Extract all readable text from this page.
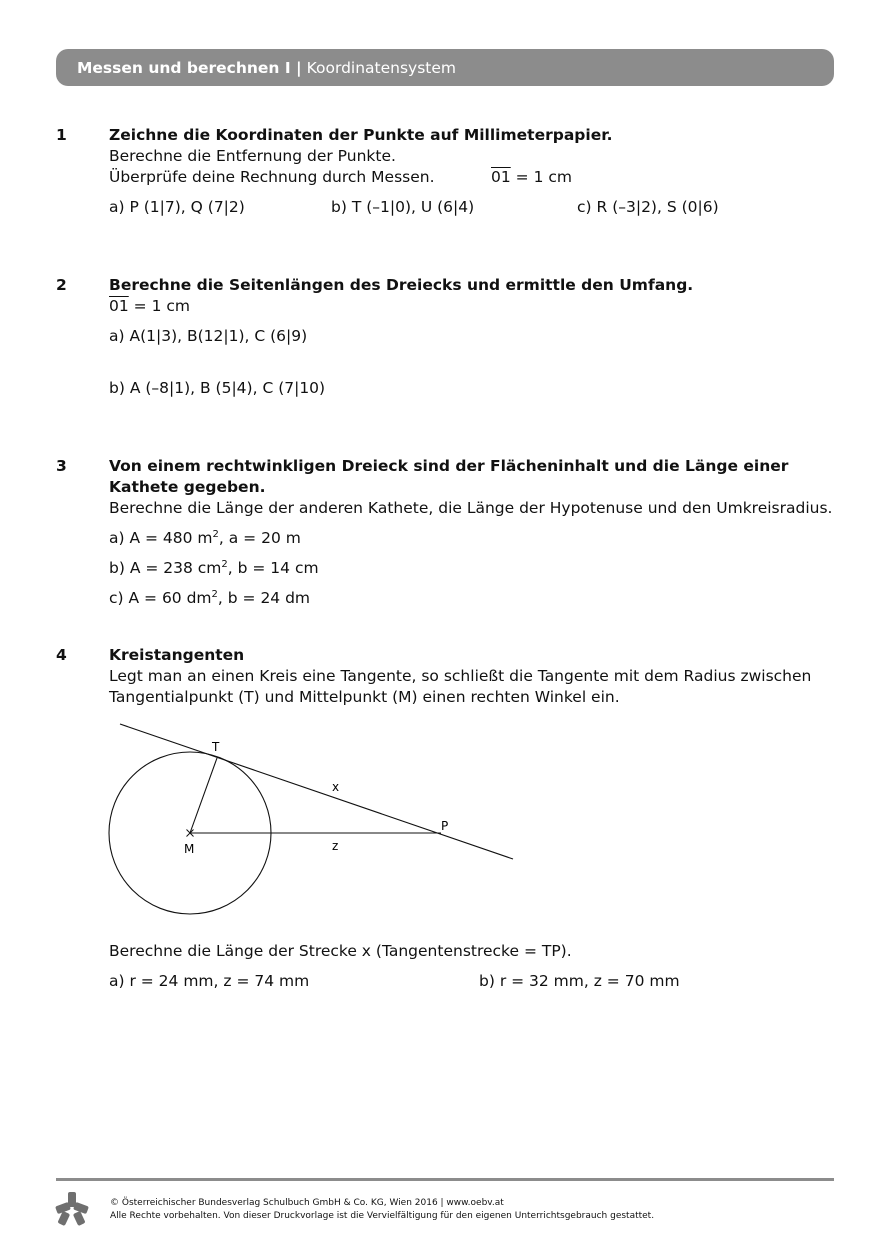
Messen und berechnen I | Koordinatensystem
1	Zeichne die Koordinaten der Punkte auf Millimeterpapier.
Berechne die Entfernung der Punkte.
Überprüfe deine Rechnung durch Messen.	01 = 1 cm
a) P (1|7), Q (7|2)	b) T (–1|0), U (6|4)	c) R (–3|2), S (0|6)
2	Berechne die Seitenlängen des Dreiecks und ermittle den Umfang.
01 = 1 cm
a) A(1|3), B(12|1), C (6|9)
b) A (–8|1), B (5|4), C (7|10)
3	Von einem rechtwinkligen Dreieck sind der Flächeninhalt und die Länge einer Kathete gegeben.
Berechne die Länge der anderen Kathete, die Länge der Hypotenuse und den Umkreisradius.
a) A = 480 $m^2$, a = 20 m
b) A = 238 $cm^2$, b = 14 cm
c) A = 60 $dm^2$, b = 24 dm
4	Kreistangenten
Legt man an einen Kreis eine Tangente, so schließt die Tangente mit dem Radius zwischen Tangentialpunkt (T) und Mittelpunkt (M) einen rechten Winkel ein.
T
x
P
M	z
Berechne die Länge der Strecke x (Tangentenstrecke = TP).
a) r = 24 mm, z = 74 mm	b) r = 32 mm, z = 70 mm
© Österreichischer Bundesverlag Schulbuch GmbH & Co. KG, Wien 2016 | www.oebv.at
Alle Rechte vorbehalten. Von dieser Druckvorlage ist die Vervielfältigung für den eigenen Unterrichtsgebrauch gestattet.
